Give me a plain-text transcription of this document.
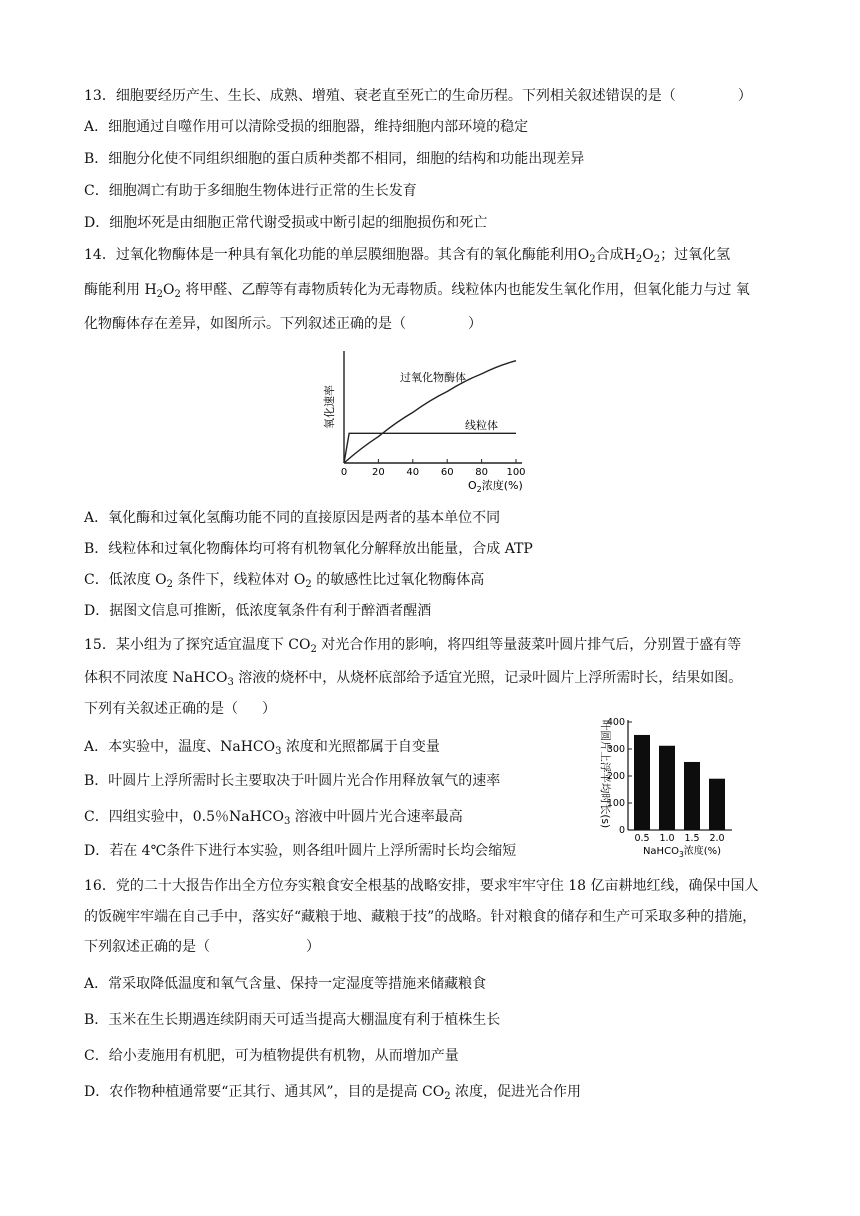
13．细胞要经历产生、生长、成熟、增殖、衰老直至死亡的生命历程。下列相关叙述错误的是（	）
A．细胞通过自噬作用可以清除受损的细胞器，维持细胞内部环境的稳定
B．细胞分化使不同组织细胞的蛋白质种类都不相同，细胞的结构和功能出现差异
C．细胞凋亡有助于多细胞生物体进行正常的生长发育
D．细胞坏死是由细胞正常代谢受损或中断引起的细胞损伤和死亡
14．过氧化物酶体是一种具有氧化功能的单层膜细胞器。其含有的氧化酶能利用$O_2$合成$H_2O_2$；过氧化氢
酶能利用 $H_2O_2$ 将甲醛、乙醇等有毒物质转化为无毒物质。线粒体内也能发生氧化作用，但氧化能力与过 氧
化物酶体存在差异，如图所示。下列叙述正确的是（	）
氧化速率
0 20 40 60 80 100
过氧化物酶体
线粒体
$O_2$浓度(%)
A．氧化酶和过氧化氢酶功能不同的直接原因是两者的基本单位不同
B．线粒体和过氧化物酶体均可将有机物氧化分解释放出能量，合成 ATP
C．低浓度 $O_2$ 条件下，线粒体对 $O_2$ 的敏感性比过氧化物酶体高
D．据图文信息可推断，低浓度氧条件有利于醉酒者醒酒
15．某小组为了探究适宜温度下 $CO_2$ 对光合作用的影响，将四组等量菠菜叶圆片排气后，分别置于盛有等
体积不同浓度 NaHCO$_3$ 溶液的烧杯中，从烧杯底部给予适宜光照，记录叶圆片上浮所需时长，结果如图。
下列有关叙述正确的是（ ）
A．本实验中，温度、NaHCO$_3$ 浓度和光照都属于自变量
B．叶圆片上浮所需时长主要取决于叶圆片光合作用释放氧气的速率
C．四组实验中，0.5％NaHCO$_3$ 溶液中叶圆片光合速率最高
D．若在 4℃条件下进行本实验，则各组叶圆片上浮所需时长均会缩短
叶圆片上浮平均时长(s)
0
100
200
300
400
0.5 1.0 1.5 2.0
NaHCO$_3$浓度(%)
16．党的二十大报告作出全方位夯实粮食安全根基的战略安排，要求牢牢守住 18 亿亩耕地红线，确保中国人
的饭碗牢牢端在自己手中，落实好“藏粮于地、藏粮于技”的战略。针对粮食的储存和生产可采取多种的措施，
下列叙述正确的是（	）
A．常采取降低温度和氧气含量、保持一定湿度等措施来储藏粮食
B．玉米在生长期遇连续阴雨天可适当提高大棚温度有利于植株生长
C．给小麦施用有机肥，可为植物提供有机物，从而增加产量
D．农作物种植通常要“正其行、通其风”，目的是提高 $CO_2$ 浓度，促进光合作用
